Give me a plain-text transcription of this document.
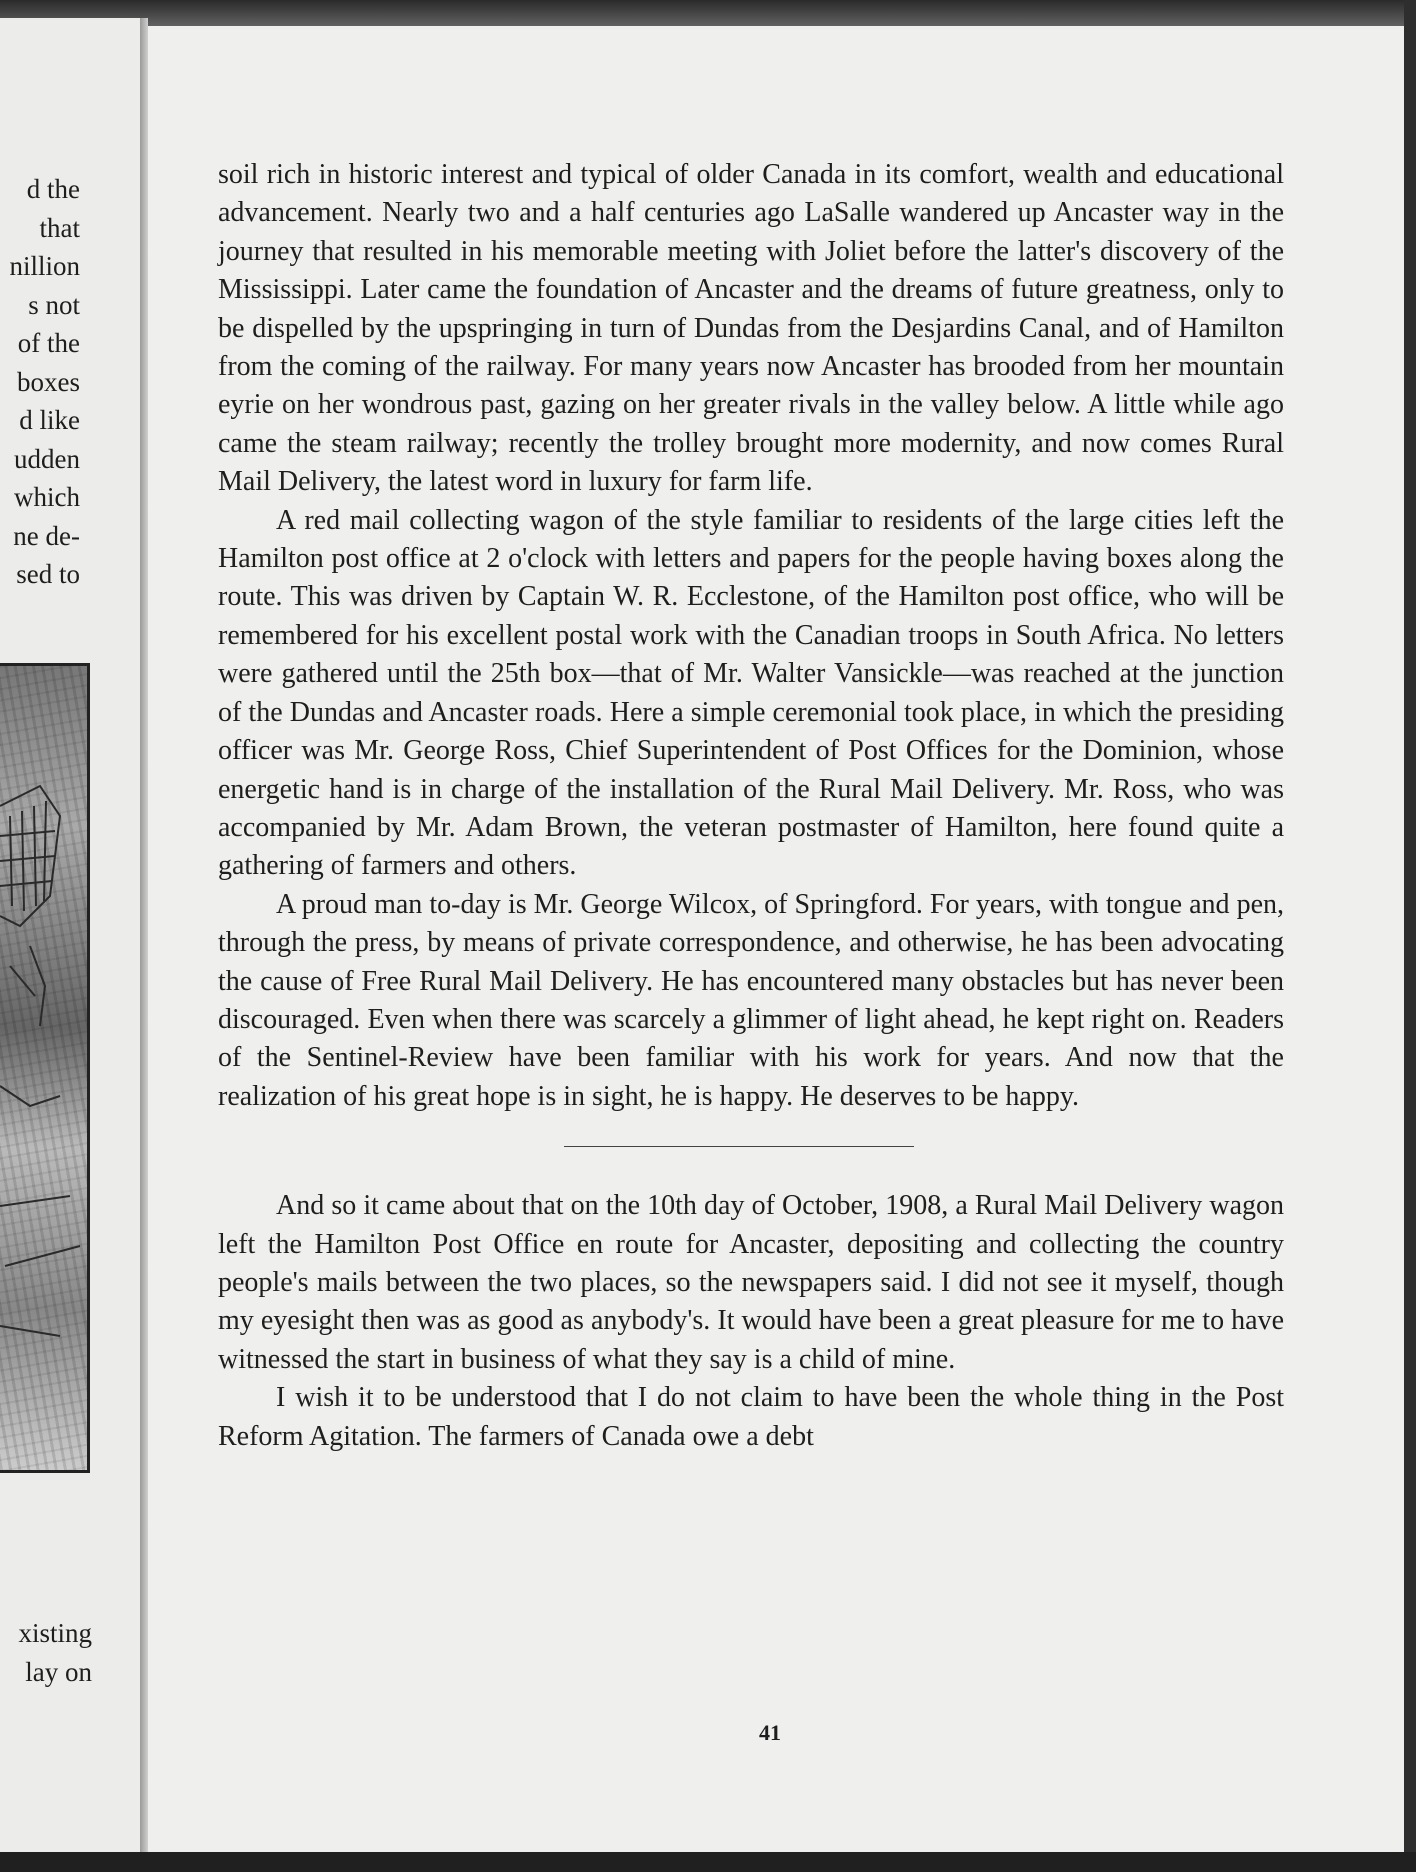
d the
that
nillion
s not
of the
boxes
d like
udden
which
ne de-
sed to
xisting
lay on

soil rich in historic interest and typical of older Canada in its comfort, wealth and educational advancement. Nearly two and a half centuries ago LaSalle wandered up Ancaster way in the journey that resulted in his memorable meeting with Joliet before the latter's discovery of the Mississippi. Later came the foundation of Ancaster and the dreams of future greatness, only to be dispelled by the upspringing in turn of Dundas from the Desjardins Canal, and of Hamilton from the coming of the railway. For many years now Ancaster has brooded from her mountain eyrie on her wondrous past, gazing on her greater rivals in the valley below. A little while ago came the steam railway; recently the trolley brought more modernity, and now comes Rural Mail Delivery, the latest word in luxury for farm life.

A red mail collecting wagon of the style familiar to residents of the large cities left the Hamilton post office at 2 o'clock with letters and papers for the people having boxes along the route. This was driven by Captain W. R. Ecclestone, of the Hamilton post office, who will be remembered for his excellent postal work with the Canadian troops in South Africa. No letters were gathered until the 25th box—that of Mr. Walter Vansickle—was reached at the junction of the Dundas and Ancaster roads. Here a simple ceremonial took place, in which the presiding officer was Mr. George Ross, Chief Superintendent of Post Offices for the Dominion, whose energetic hand is in charge of the installation of the Rural Mail Delivery. Mr. Ross, who was accompanied by Mr. Adam Brown, the veteran postmaster of Hamilton, here found quite a gathering of farmers and others.

A proud man to-day is Mr. George Wilcox, of Springford. For years, with tongue and pen, through the press, by means of private correspondence, and otherwise, he has been advocating the cause of Free Rural Mail Delivery. He has encountered many obstacles but has never been discouraged. Even when there was scarcely a glimmer of light ahead, he kept right on. Readers of the Sentinel-Review have been familiar with his work for years. And now that the realization of his great hope is in sight, he is happy. He deserves to be happy.

And so it came about that on the 10th day of October, 1908, a Rural Mail Delivery wagon left the Hamilton Post Office en route for Ancaster, depositing and collecting the country people's mails between the two places, so the newspapers said. I did not see it myself, though my eyesight then was as good as anybody's. It would have been a great pleasure for me to have witnessed the start in business of what they say is a child of mine.

I wish it to be understood that I do not claim to have been the whole thing in the Post Reform Agitation. The farmers of Canada owe a debt

41
